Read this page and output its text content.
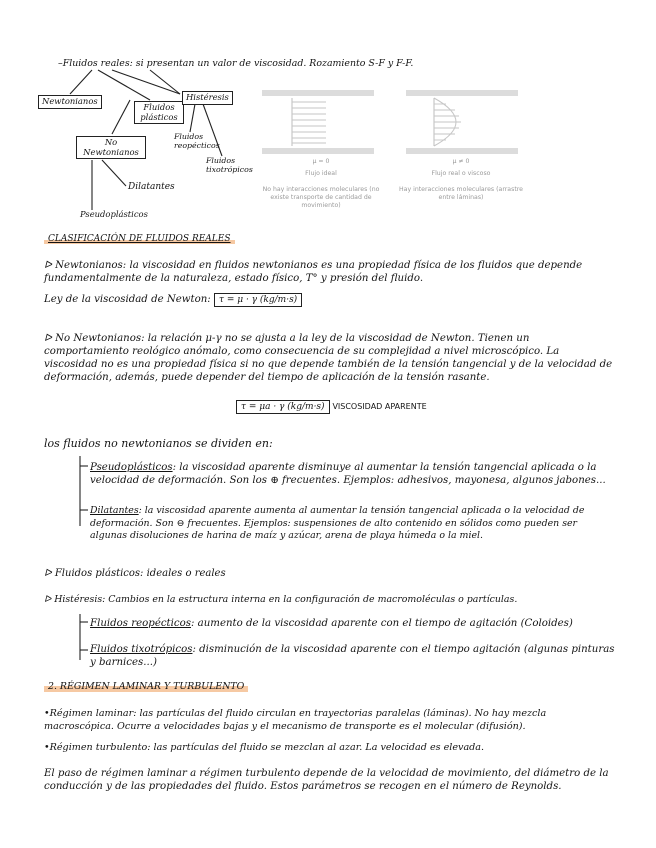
–Fluidos reales: si presentan un valor de viscosidad. Rozamiento S-F y F-F.
Newtonianos
Fluidos plásticos
Histéresis
No Newtonianos
Fluidos reopécticos
Fluidos tixotrópicos
Dilatantes
Pseudoplásticos
μ = 0
Flujo ideal
No hay interacciones moleculares (no existe transporte de cantidad de movimiento)
μ ≠ 0
Flujo real o viscoso
Hay interacciones moleculares (arrastre entre láminas)
CLASIFICACIÓN DE FLUIDOS REALES
ᐅ Newtonianos: la viscosidad en fluidos newtonianos es una propiedad física de los fluidos que depende fundamentalmente de la naturaleza, estado físico, T° y presión del fluido.
Ley de la viscosidad de Newton: τ = μ · γ (kg/m·s)
ᐅ No Newtonianos: la relación μ-γ no se ajusta a la ley de la viscosidad de Newton. Tienen un comportamiento reológico anómalo, como consecuencia de su complejidad a nivel microscópico. La viscosidad no es una propiedad física si no que depende también de la tensión tangencial y de la velocidad de deformación, además, puede depender del tiempo de aplicación de la tensión rasante.
τ = μa · γ (kg/m·s) VISCOSIDAD APARENTE
los fluidos no newtonianos se dividen en:
Pseudoplásticos: la viscosidad aparente disminuye al aumentar la tensión tangencial aplicada o la velocidad de deformación. Son los ⊕ frecuentes. Ejemplos: adhesivos, mayonesa, algunos jabones...
Dilatantes: la viscosidad aparente aumenta al aumentar la tensión tangencial aplicada o la velocidad de deformación. Son ⊖ frecuentes. Ejemplos: suspensiones de alto contenido en sólidos como pueden ser algunas disoluciones de harina de maíz y azúcar, arena de playa húmeda o la miel.
ᐅ Fluidos plásticos: ideales o reales
ᐅ Histéresis: Cambios en la estructura interna en la configuración de macromoléculas o partículas.
Fluidos reopécticos: aumento de la viscosidad aparente con el tiempo de agitación (Coloides)
Fluidos tixotrópicos: disminución de la viscosidad aparente con el tiempo agitación (algunas pinturas y barnices...)
2. RÉGIMEN LAMINAR Y TURBULENTO
•Régimen laminar: las partículas del fluido circulan en trayectorias paralelas (láminas). No hay mezcla macroscópica. Ocurre a velocidades bajas y el mecanismo de transporte es el molecular (difusión).
•Régimen turbulento: las partículas del fluido se mezclan al azar. La velocidad es elevada.
El paso de régimen laminar a régimen turbulento depende de la velocidad de movimiento, del diámetro de la conducción y de las propiedades del fluido. Estos parámetros se recogen en el número de Reynolds.
